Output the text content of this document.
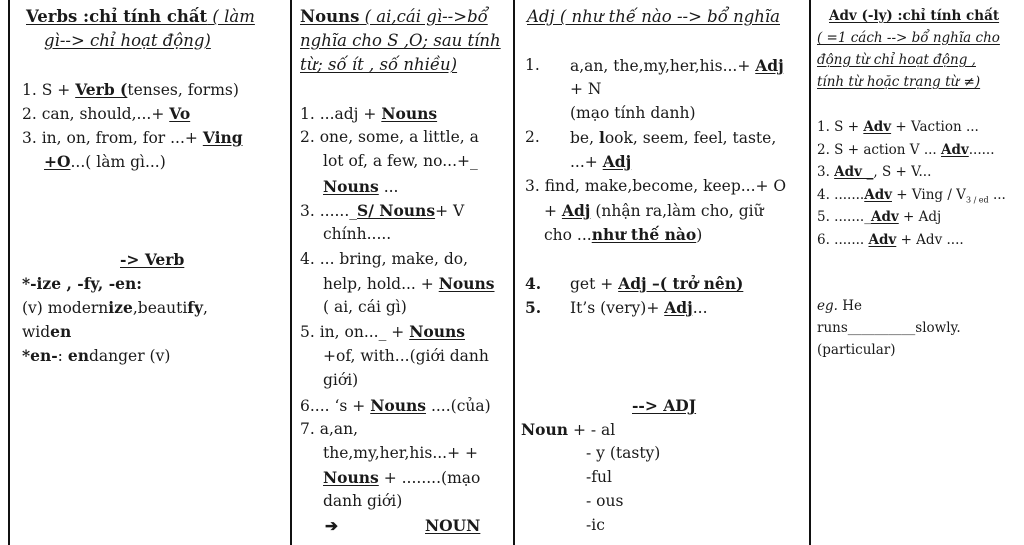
Verbs :chỉ tính chất ( làm
gì--> chỉ hoạt động)
1. S + Verb (tenses, forms)
2. can, should,...+ Vo
3. in, on, from, for ...+ Ving
+O...( làm gì...)
-> Verb
*-ize , -fy, -en:
(v) modernize,beautify,
widen
*en-: endanger (v)
Nouns ( ai,cái gì-->bổ
nghĩa cho S ,O; sau tính
từ; số ít , số nhiều)
1. ...adj + Nouns
2. one, some, a little, a
lot of, a few, no...+_
Nouns ...
3. ......_S/ Nouns+ V
chính.....
4. ... bring, make, do,
help, hold... + Nouns
( ai, cái gì)
5. in, on..._ + Nouns
+of, with...(giới danh
giới)
6.... ‘s + Nouns ....(của)
7. a,an,
the,my,her,his...+ +
Nouns + ........(mạo
danh giới)
➔	NOUN
Adj ( như thế nào --> bổ nghĩa
1. a,an, the,my,her,his...+ Adj
+ N
(mạo tính danh)
2. be, look, seem, feel, taste,
...+ Adj
3. find, make,become, keep...+ O
+ Adj (nhận ra,làm cho, giữ
cho ...như thế nào)
4. get + Adj –( trở nên)
5. It’s (very)+ Adj...
--> ADJ
Noun + - al
- y (tasty)
-ful
- ous
-ic
Adv (-ly) :chỉ tính chất
( =1 cách --> bổ nghĩa cho
động từ chỉ hoạt động ,
tính từ hoặc trạng từ ≠)
1. S + Adv + Vaction ...
2. S + action V ... Adv......
3. Adv _, S + V...
4. .......Adv + Ving / $V_{3 / ed}$ ...
5. ......._Adv + Adj
6. ....... Adv + Adv ....
eg. He
runs__________slowly.
(particular)
